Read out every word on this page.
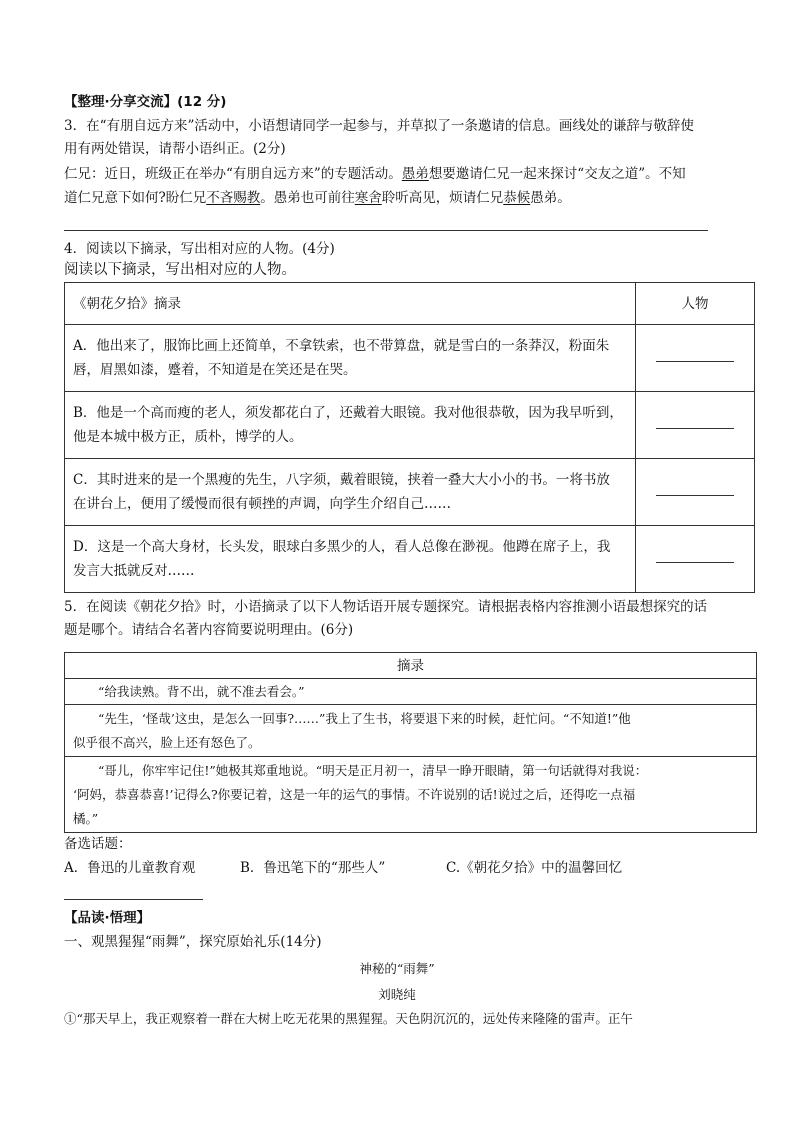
【整理·分享交流】(12 分)
3．在“有朋自远方来”活动中，小语想请同学一起参与，并草拟了一条邀请的信息。画线处的谦辞与敬辞使
用有两处错误，请帮小语纠正。(2分)
仁兄：近日，班级正在举办“有朋自远方来”的专题活动。愚弟想要邀请仁兄一起来探讨“交友之道”。不知
道仁兄意下如何?盼仁兄不吝赐教。愚弟也可前往寒舍聆听高见，烦请仁兄恭候愚弟。
4．阅读以下摘录，写出相对应的人物。(4分)
阅读以下摘录，写出相对应的人物。
《朝花夕拾》摘录	人物

A．他出来了，服饰比画上还简单，不拿铁索，也不带算盘，就是雪白的一条莽汉，粉面朱
唇，眉黑如漆，蹙着，不知道是在笑还是在哭。	

B．他是一个高而瘦的老人，须发都花白了，还戴着大眼镜。我对他很恭敬，因为我早听到，
他是本城中极方正，质朴，博学的人。	

C．其时进来的是一个黑瘦的先生，八字须，戴着眼镜，挟着一叠大大小小的书。一将书放
在讲台上，便用了缓慢而很有顿挫的声调，向学生介绍自己……	

D．这是一个高大身材，长头发，眼球白多黑少的人，看人总像在渺视。他蹲在席子上，我
发言大抵就反对……	

5．在阅读《朝花夕拾》时，小语摘录了以下人物话语开展专题探究。请根据表格内容推测小语最想探究的话
题是哪个。请结合名著内容简要说明理由。(6分)
摘录
“给我读熟。背不出，就不准去看会。”

“先生，‘怪哉’这虫，是怎么一回事?……”我上了生书，将要退下来的时候，赶忙问。“不知道!”他
似乎很不高兴，脸上还有怒色了。

“哥儿，你牢牢记住!”她极其郑重地说。“明天是正月初一，清早一睁开眼睛，第一句话就得对我说：
‘阿妈，恭喜恭喜!’记得么?你要记着，这是一年的运气的事情。不许说别的话!说过之后，还得吃一点福
橘。”
备选话题：
A．鲁迅的儿童教育观	B．鲁迅笔下的“那些人”	C.《朝花夕拾》中的温馨回忆
【品读·悟理】
一、观黑猩猩“雨舞”，探究原始礼乐(14分)
神秘的“雨舞”
刘晓纯
①“那天早上，我正观察着一群在大树上吃无花果的黑猩猩。天色阴沉沉的，远处传来隆隆的雷声。正午
